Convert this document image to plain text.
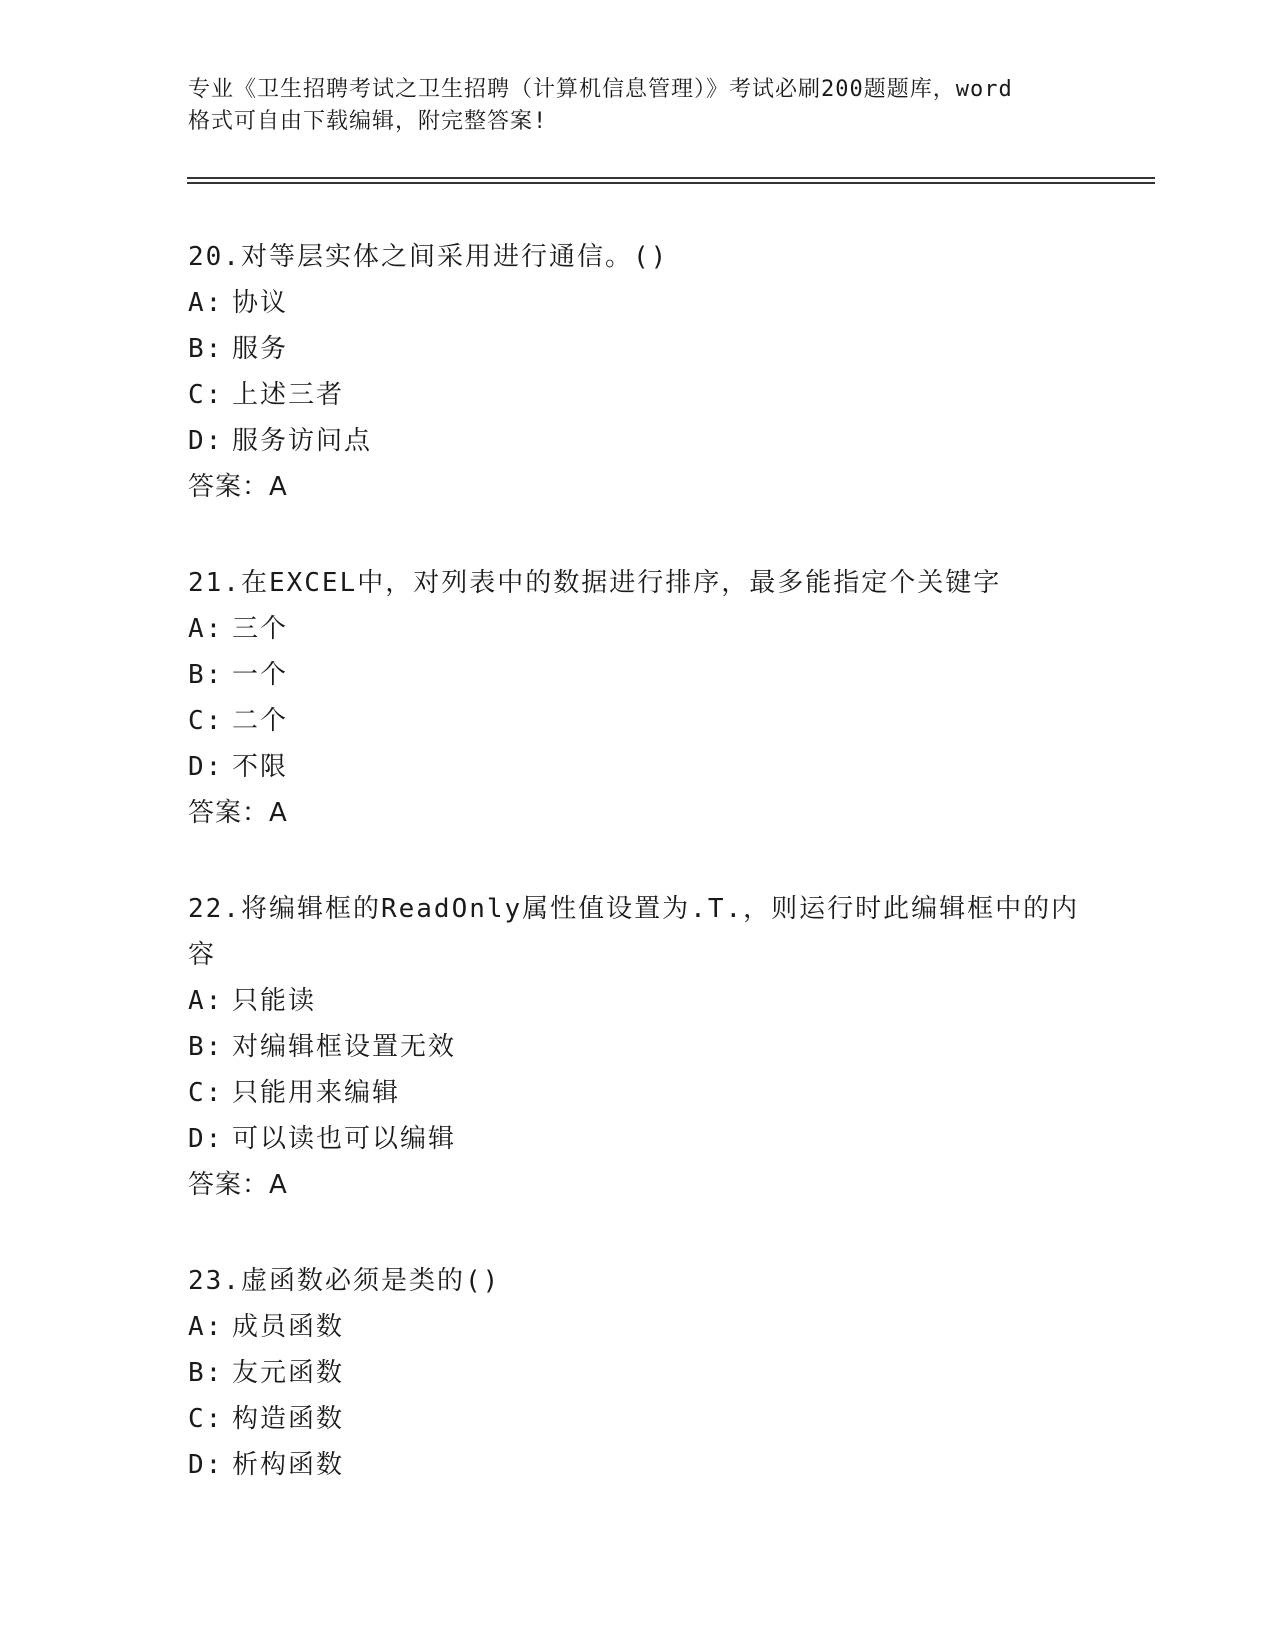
专业《卫生招聘考试之卫生招聘（计算机信息管理）》考试必刷200题题库，word
格式可自由下载编辑，附完整答案!
20.对等层实体之间采用进行通信。()
A: 协议
B: 服务
C: 上述三者
D: 服务访问点
答案：A
21.在EXCEL中，对列表中的数据进行排序，最多能指定个关键字
A: 三个
B: 一个
C: 二个
D: 不限
答案：A
22.将编辑框的ReadOnly属性值设置为.T.，则运行时此编辑框中的内容
A: 只能读
B: 对编辑框设置无效
C: 只能用来编辑
D: 可以读也可以编辑
答案：A
23.虚函数必须是类的()
A: 成员函数
B: 友元函数
C: 构造函数
D: 析构函数
